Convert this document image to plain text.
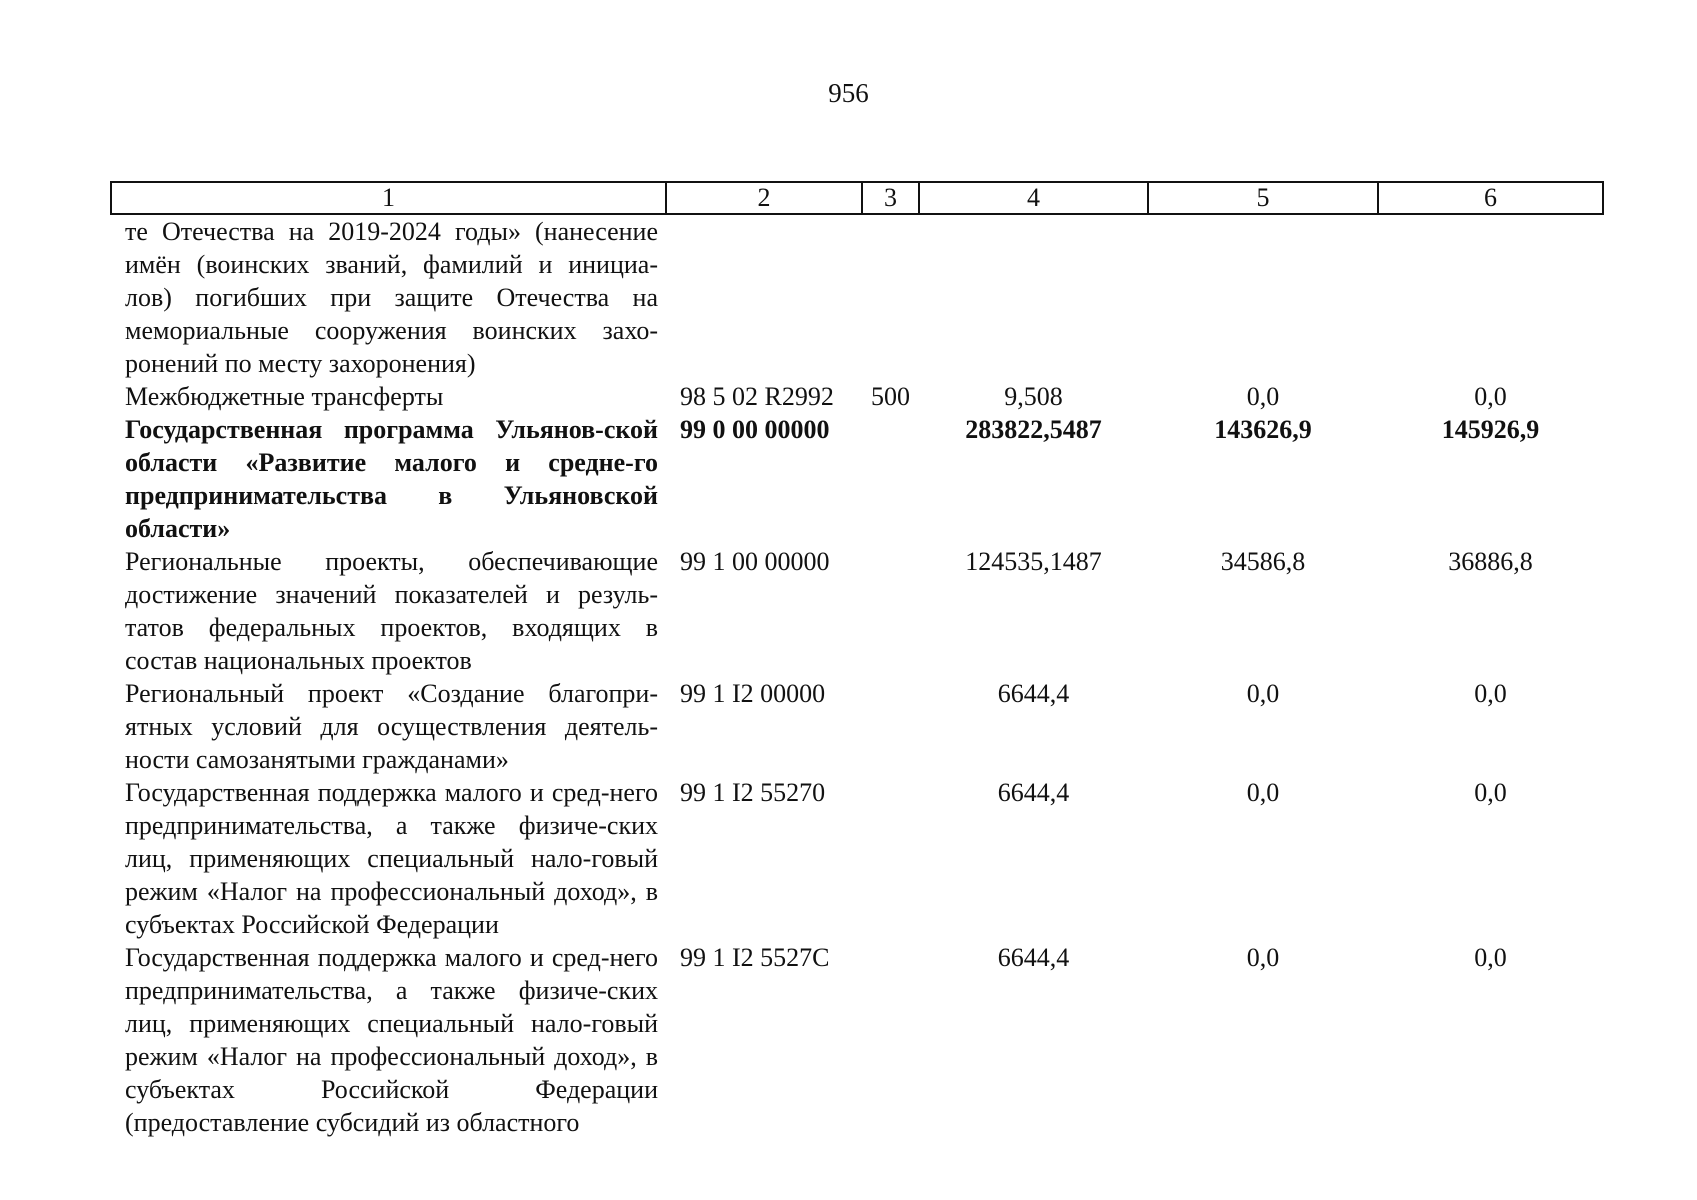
956
1	2	3	4	5	6
те Отечества на 2019-2024 годы» (нанесение имён (воинских званий, фамилий и инициа-лов) погибших при защите Отечества на мемориальные сооружения воинских захо-ронений по месту захоронения)					
Межбюджетные трансферты	98 5 02 R2992	500	9,508	0,0	0,0
Государственная программа Ульянов-ской области «Развитие малого и средне-го предпринимательства в Ульяновской области»	99 0 00 00000		283822,5487	143626,9	145926,9
Региональные проекты, обеспечивающие достижение значений показателей и резуль-татов федеральных проектов, входящих в состав национальных проектов	99 1 00 00000		124535,1487	34586,8	36886,8
Региональный проект «Создание благопри-ятных условий для осуществления деятель-ности самозанятыми гражданами»	99 1 I2 00000		6644,4	0,0	0,0
Государственная поддержка малого и сред-него предпринимательства, а также физиче-ских лиц, применяющих специальный нало-говый режим «Налог на профессиональный доход», в субъектах Российской Федерации	99 1 I2 55270		6644,4	0,0	0,0
Государственная поддержка малого и сред-него предпринимательства, а также физиче-ских лиц, применяющих специальный нало-говый режим «Налог на профессиональный доход», в субъектах Российской Федерации (предоставление субсидий из областного	99 1 I2 5527С		6644,4	0,0	0,0
